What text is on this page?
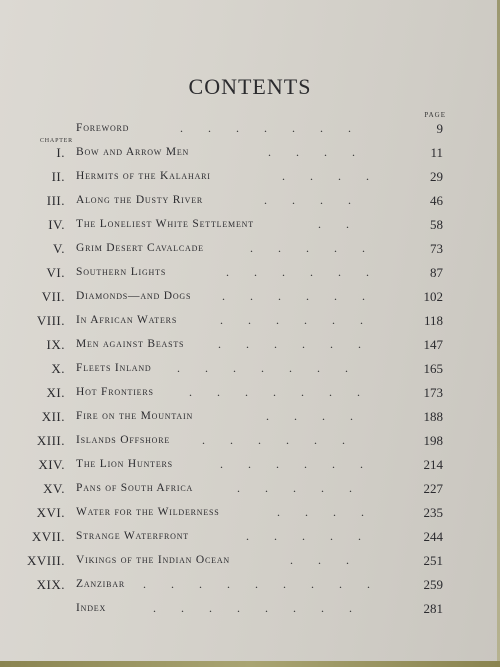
CONTENTS
PAGE
CHAPTER
Foreword	.      .      .      .      .      .      .	9
I. Bow and Arrow Men	.      .      .      .	11
II. Hermits of the Kalahari	.      .      .      .	29
III. Along the Dusty River	.      .      .      .	46
IV. The Loneliest White Settlement	.      .	58
V. Grim Desert Cavalcade	.      .      .      .      .	73
VI. Southern Lights	.      .      .      .      .      .	87
VII. Diamonds—and Dogs	.      .      .      .      .      .	102
VIII. In African Waters	.      .      .      .      .      .	118
IX. Men against Beasts	.      .      .      .      .      .	147
X. Fleets Inland .      .      .      .      .      .      .	165
XI. Hot Frontiers	.      .      .      .      .      .      .	173
XII. Fire on the Mountain	.      .      .      .	188
XIII. Islands Offshore	.      .      .      .      .      .	198
XIV. The Lion Hunters	.      .      .      .      .      .	214
XV. Pans of South Africa	.      .      .      .      .	227
XVI. Water for the Wilderness	.      .      .      .	235
XVII. Strange Waterfront	.      .      .      .      .	244
XVIII. Vikings of the Indian Ocean	.      .      .	251
XIX. Zanzibar .      .      .      .      .      .      .      .      .	259
Index	.      .      .      .      .      .      .      .	281
